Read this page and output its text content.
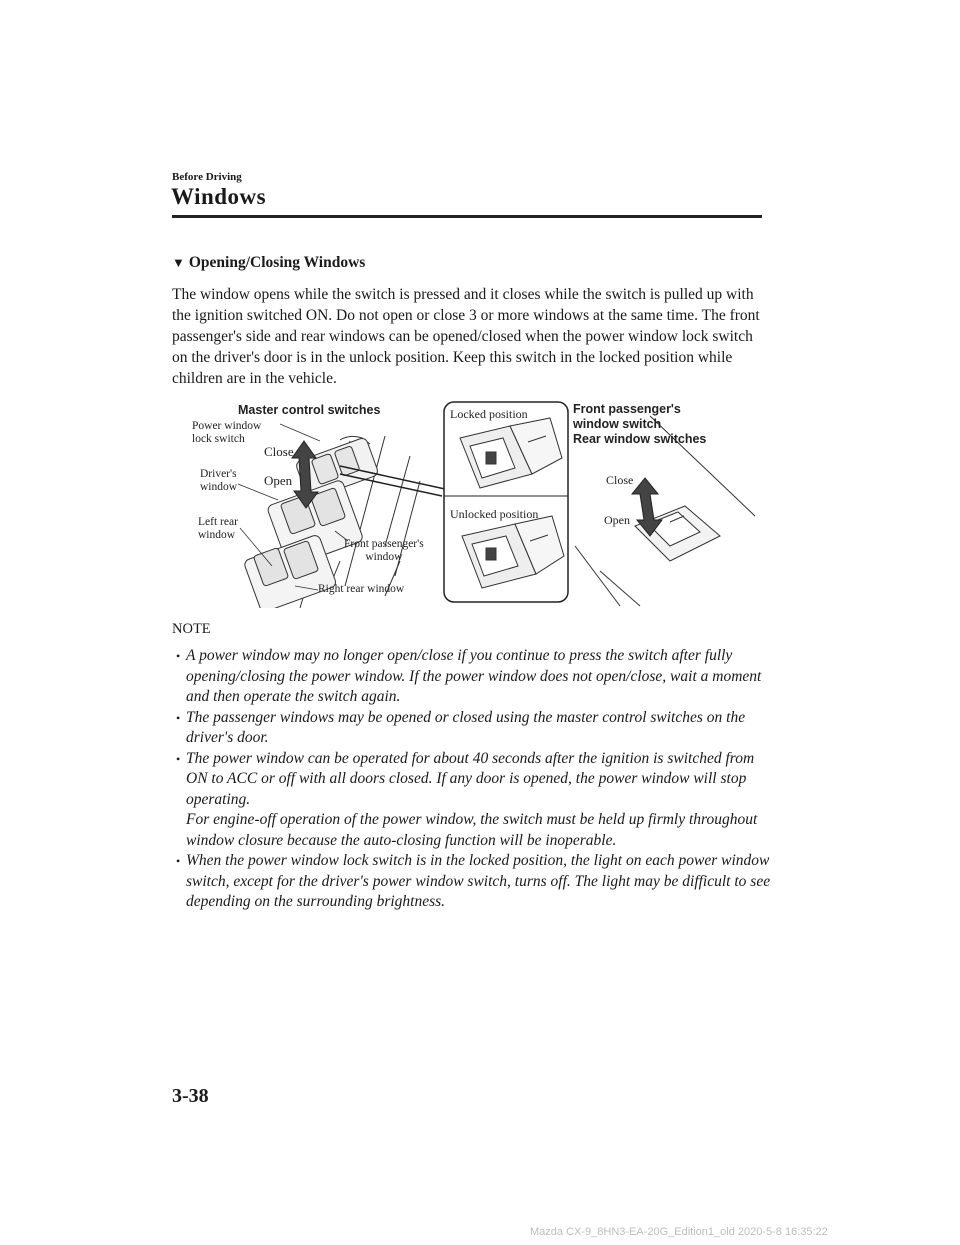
Before Driving
Windows
▼ Opening/Closing Windows
The window opens while the switch is pressed and it closes while the switch is pulled up with the ignition switched ON. Do not open or close 3 or more windows at the same time. The front passenger's side and rear windows can be opened/closed when the power window lock switch on the driver's door is in the unlock position. Keep this switch in the locked position while children are in the vehicle.
Master control switches
Power window
lock switch
Close
Driver's
window Open
Left rear
window
Front passenger's
window
Right rear window
Locked position
Unlocked position
Front passenger's
window switch
Rear window switches
Close
Open
NOTE
• A power window may no longer open/close if you continue to press the switch after fully opening/closing the power window. If the power window does not open/close, wait a moment and then operate the switch again.
• The passenger windows may be opened or closed using the master control switches on the driver's door.
• The power window can be operated for about 40 seconds after the ignition is switched from ON to ACC or off with all doors closed. If any door is opened, the power window will stop operating.
For engine-off operation of the power window, the switch must be held up firmly throughout window closure because the auto-closing function will be inoperable.
• When the power window lock switch is in the locked position, the light on each power window switch, except for the driver's power window switch, turns off. The light may be difficult to see depending on the surrounding brightness.
3-38
Mazda CX-9_8HN3-EA-20G_Edition1_old 2020-5-8 16:35:22
